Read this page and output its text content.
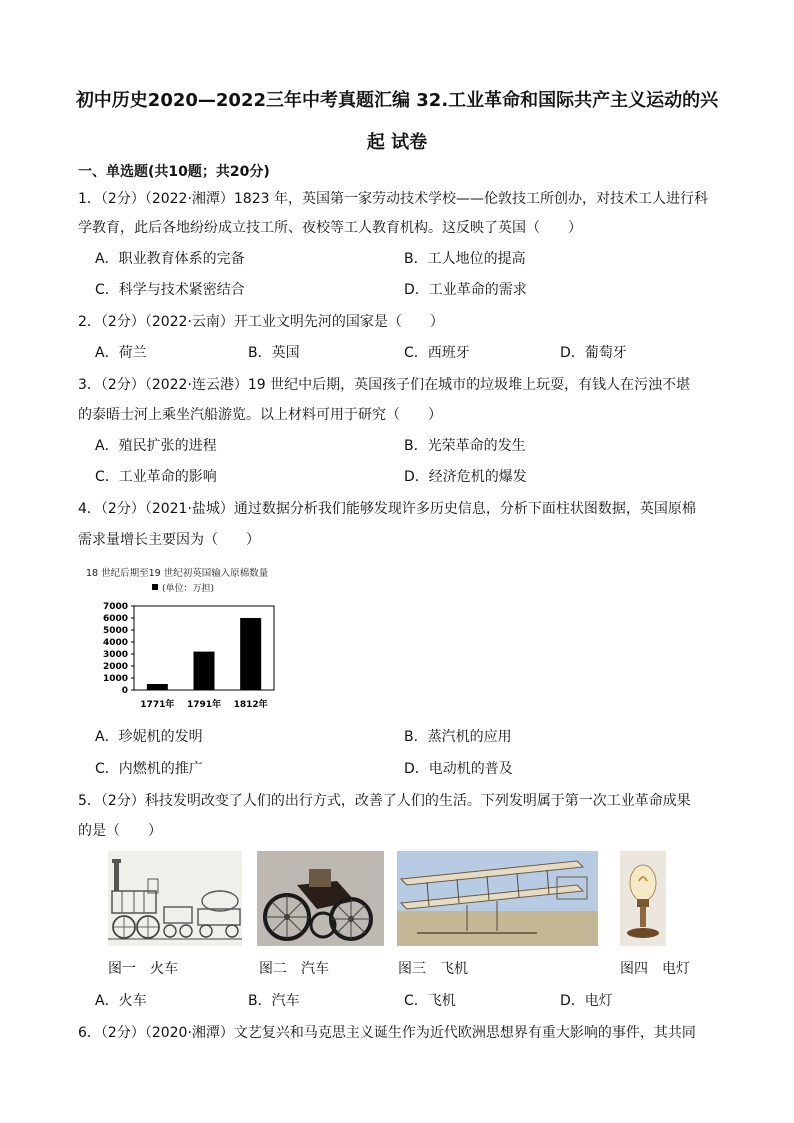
初中历史2020—2022三年中考真题汇编 32.工业革命和国际共产主义运动的兴
起 试卷
一、单选题(共10题；共20分)
1．（2分）（2022·湘潭）1823 年，英国第一家劳动技术学校——伦敦技工所创办，对技术工人进行科
学教育，此后各地纷纷成立技工所、夜校等工人教育机构。这反映了英国（　　）
A．职业教育体系的完备	B．工人地位的提高
C．科学与技术紧密结合	D．工业革命的需求
2．（2分）（2022·云南）开工业文明先河的国家是（　　）
A．荷兰	B．英国	C．西班牙	D．葡萄牙
3．（2分）（2022·连云港）19 世纪中后期，英国孩子们在城市的垃圾堆上玩耍，有钱人在污浊不堪
的泰晤士河上乘坐汽船游览。以上材料可用于研究（　　）
A．殖民扩张的进程	B．光荣革命的发生
C．工业革命的影响	D．经济危机的爆发
4．（2分）（2021·盐城）通过数据分析我们能够发现许多历史信息，分析下面柱状图数据，英国原棉
需求量增长主要因为（　　）
18 世纪后期至19 世纪初英国输入原棉数量
(单位：万担)
7000
6000
5000
4000
3000
2000
1000
0
1771年 1791年 1812年
A．珍妮机的发明	B．蒸汽机的应用
C．内燃机的推广	D．电动机的普及
5．（2分）科技发明改变了人们的出行方式，改善了人们的生活。下列发明属于第一次工业革命成果
的是（　　）
图一　火车	图二　汽车	图三　飞机	图四　电灯
A．火车	B．汽车	C．飞机	D．电灯
6．（2分）（2020·湘潭）文艺复兴和马克思主义诞生作为近代欧洲思想界有重大影响的事件，其共同
